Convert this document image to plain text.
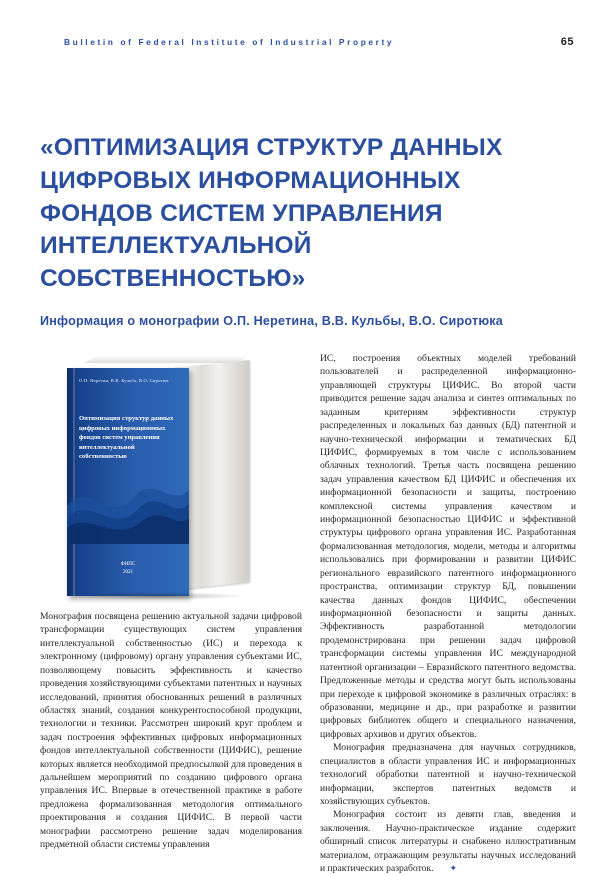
Bulletin of Federal Institute of Industrial Property	65
«ОПТИМИЗАЦИЯ СТРУКТУР ДАННЫХ ЦИФРОВЫХ ИНФОРМАЦИОННЫХ ФОНДОВ СИСТЕМ УПРАВЛЕНИЯ ИНТЕЛЛЕКТУАЛЬНОЙ СОБСТВЕННОСТЬЮ»
Информация о монографии О.П. Неретина, В.В. Кульбы, В.О. Сиротюка
О.П. Неретин, В.В. Кульба, В.О. Сиротюк
Оптимизация структур данных цифровых информационных фондов систем управления интеллектуальной собственностью
ФИПС
2021

Монография посвящена решению актуальной задачи цифровой трансформации существующих систем управления интеллектуальной собственностью (ИС) и перехода к электронному (цифровому) органу управления субъектами ИС, позволяющему повысить эффективность и качество проведения хозяйствующими субъектами патентных и научных исследований, принятия обоснованных решений в различных областях знаний, создания конкурентоспособной продукции, технологии и техники. Рассмотрен широкий круг проблем и задач построения эффективных цифровых информационных фондов интеллектуальной собственности (ЦИФИС), решение которых является необходимой предпосылкой для проведения в дальнейшем мероприятий по созданию цифрового органа управления ИС. Впервые в отечественной практике в работе предложена формализованная методология оптимального проектирования и создания ЦИФИС. В первой части монографии рассмотрено решение задач моделирования предметной области системы управления

ИС, построения объектных моделей требований пользователей и распределенной информационно-управляющей структуры ЦИФИС. Во второй части приводится решение задач анализа и синтез оптимальных по заданным критериям эффективности структур распределенных и локальных баз данных (БД) патентной и научно-технической информации и тематических БД ЦИФИС, формируемых в том числе с использованием облачных технологий. Третья часть посвящена решению задач управления качеством БД ЦИФИС и обеспечения их информационной безопасности и защиты, построению комплексной системы управления качеством и информационной безопасностью ЦИФИС и эффективной структуры цифрового органа управления ИС. Разработанная формализованная методология, модели, методы и алгоритмы использовались при формировании и развитии ЦИФИС регионального евразийского патентного информационного пространства, оптимизации структур БД, повышении качества данных фондов ЦИФИС, обеспечении информационной безопасности и защиты данных. Эффективность разработанной методологии продемонстрирована при решении задач цифровой трансформации системы управления ИС международной патентной организации – Евразийского патентного ведомства. Предложенные методы и средства могут быть использованы при переходе к цифровой экономике в различных отраслях: в образовании, медицине и др., при разработке и развитии цифровых библиотек общего и специального назначения, цифровых архивов и других объектов.

Монография предназначена для научных сотрудников, специалистов в области управления ИС и информационных технологий обработки патентной и научно-технической информации, экспертов патентных ведомств и хозяйствующих субъектов.

Монография состоит из девяти глав, введения и заключения. Научно-практическое издание содержит обширный список литературы и снабжено иллюстративным материалом, отражающим результаты научных исследований и практических разработок. ✦
